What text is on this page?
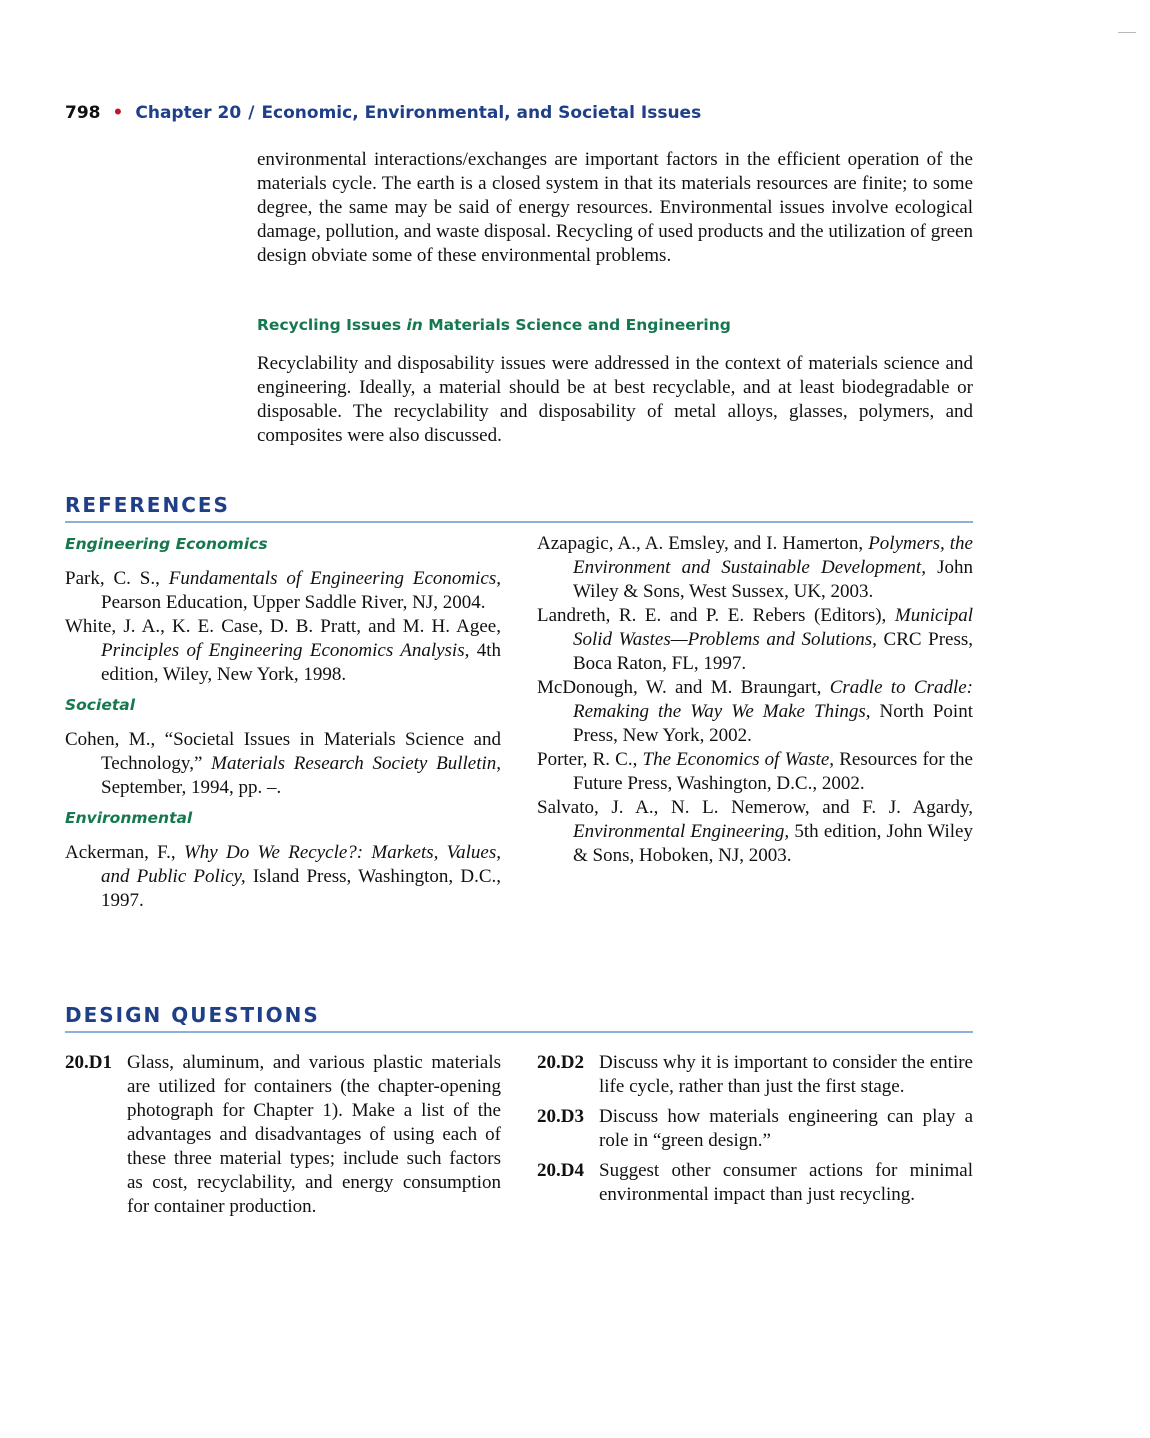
798 • Chapter 20 / Economic, Environmental, and Societal Issues

environmental interactions/exchanges are important factors in the efficient operation of the materials cycle. The earth is a closed system in that its materials resources are finite; to some degree, the same may be said of energy resources. Environmental issues involve ecological damage, pollution, and waste disposal. Recycling of used products and the utilization of green design obviate some of these environmental problems.

Recycling Issues in Materials Science and Engineering

Recyclability and disposability issues were addressed in the context of materials science and engineering. Ideally, a material should be at best recyclable, and at least biodegradable or disposable. The recyclability and disposability of metal alloys, glasses, polymers, and composites were also discussed.

REFERENCES
Engineering Economics

Park, C. S., Fundamentals of Engineering Economics, Pearson Education, Upper Saddle River, NJ, 2004.

White, J. A., K. E. Case, D. B. Pratt, and M. H. Agee, Principles of Engineering Economics Analysis, 4th edition, Wiley, New York, 1998.

Societal

Cohen, M., “Societal Issues in Materials Science and Technology,” Materials Research Society Bulletin, September, 1994, pp. –.

Environmental

Ackerman, F., Why Do We Recycle?: Markets, Values, and Public Policy, Island Press, Washington, D.C., 1997.

Azapagic, A., A. Emsley, and I. Hamerton, Polymers, the Environment and Sustainable Development, John Wiley & Sons, West Sussex, UK, 2003.

Landreth, R. E. and P. E. Rebers (Editors), Municipal Solid Wastes—Problems and Solutions, CRC Press, Boca Raton, FL, 1997.

McDonough, W. and M. Braungart, Cradle to Cradle: Remaking the Way We Make Things, North Point Press, New York, 2002.

Porter, R. C., The Economics of Waste, Resources for the Future Press, Washington, D.C., 2002.

Salvato, J. A., N. L. Nemerow, and F. J. Agardy, Environmental Engineering, 5th edition, John Wiley & Sons, Hoboken, NJ, 2003.

DESIGN QUESTIONS
20.D1 Glass, aluminum, and various plastic materials are utilized for containers (the chapter-opening photograph for Chapter 1). Make a list of the advantages and disadvantages of using each of these three material types; include such factors as cost, recyclability, and energy consumption for container production.
20.D2 Discuss why it is important to consider the entire life cycle, rather than just the first stage.
20.D3 Discuss how materials engineering can play a role in “green design.”
20.D4 Suggest other consumer actions for minimal environmental impact than just recycling.
